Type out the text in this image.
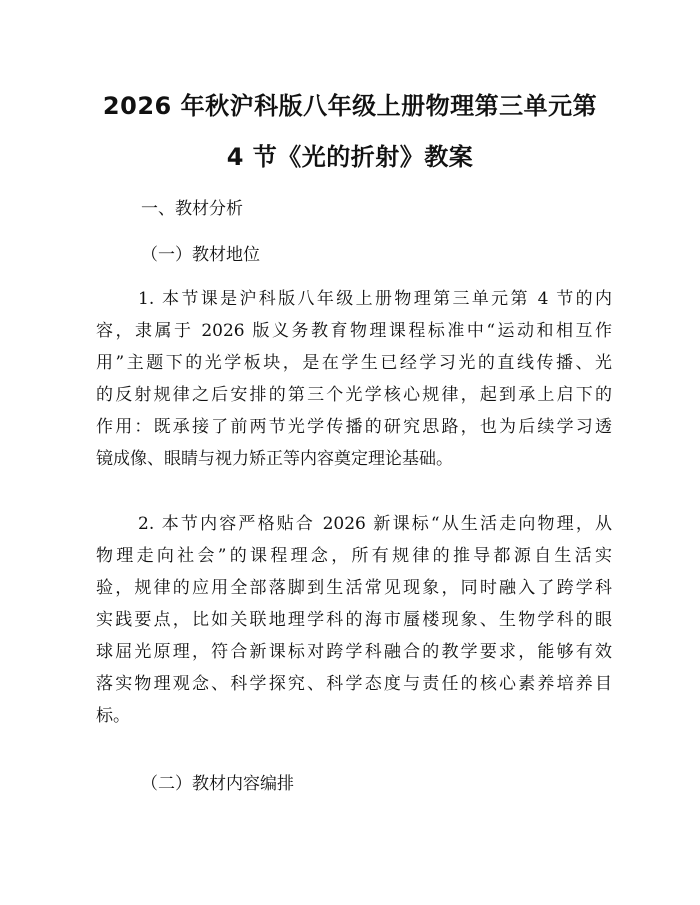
2026 年秋沪科版八年级上册物理第三单元第
4 节《光的折射》教案
一、教材分析
（一）教材地位
1. 本节课是沪科版八年级上册物理第三单元第 4 节的内
容，隶属于 2026 版义务教育物理课程标准中“运动和相互作
用”主题下的光学板块，是在学生已经学习光的直线传播、光
的反射规律之后安排的第三个光学核心规律，起到承上启下的
作用：既承接了前两节光学传播的研究思路，也为后续学习透
镜成像、眼睛与视力矫正等内容奠定理论基础。
2. 本节内容严格贴合 2026 新课标“从生活走向物理，从
物理走向社会”的课程理念，所有规律的推导都源自生活实
验，规律的应用全部落脚到生活常见现象，同时融入了跨学科
实践要点，比如关联地理学科的海市蜃楼现象、生物学科的眼
球屈光原理，符合新课标对跨学科融合的教学要求，能够有效
落实物理观念、科学探究、科学态度与责任的核心素养培养目
标。
（二）教材内容编排
